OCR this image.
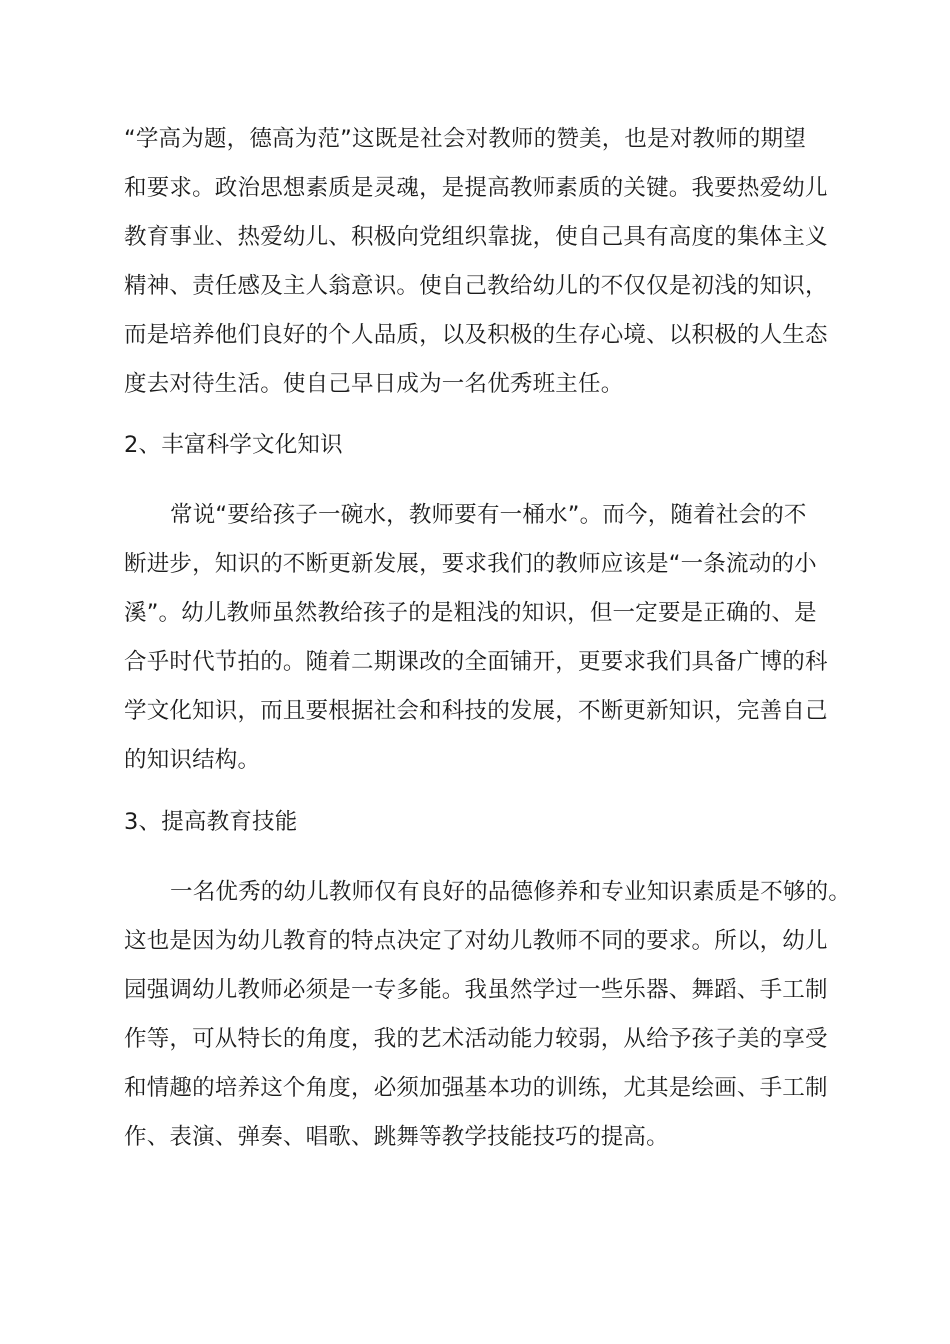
“学高为题，德高为范”这既是社会对教师的赞美，也是对教师的期望
和要求。政治思想素质是灵魂，是提高教师素质的关键。我要热爱幼儿
教育事业、热爱幼儿、积极向党组织靠拢，使自己具有高度的集体主义
精神、责任感及主人翁意识。使自己教给幼儿的不仅仅是初浅的知识，
而是培养他们良好的个人品质，以及积极的生存心境、以积极的人生态
度去对待生活。使自己早日成为一名优秀班主任。
2、丰富科学文化知识
常说“要给孩子一碗水，教师要有一桶水”。而今，随着社会的不
断进步，知识的不断更新发展，要求我们的教师应该是“一条流动的小
溪”。幼儿教师虽然教给孩子的是粗浅的知识，但一定要是正确的、是
合乎时代节拍的。随着二期课改的全面铺开，更要求我们具备广博的科
学文化知识，而且要根据社会和科技的发展，不断更新知识，完善自己
的知识结构。
3、提高教育技能
一名优秀的幼儿教师仅有良好的品德修养和专业知识素质是不够的。
这也是因为幼儿教育的特点决定了对幼儿教师不同的要求。所以，幼儿
园强调幼儿教师必须是一专多能。我虽然学过一些乐器、舞蹈、手工制
作等，可从特长的角度，我的艺术活动能力较弱，从给予孩子美的享受
和情趣的培养这个角度，必须加强基本功的训练，尤其是绘画、手工制
作、表演、弹奏、唱歌、跳舞等教学技能技巧的提高。
